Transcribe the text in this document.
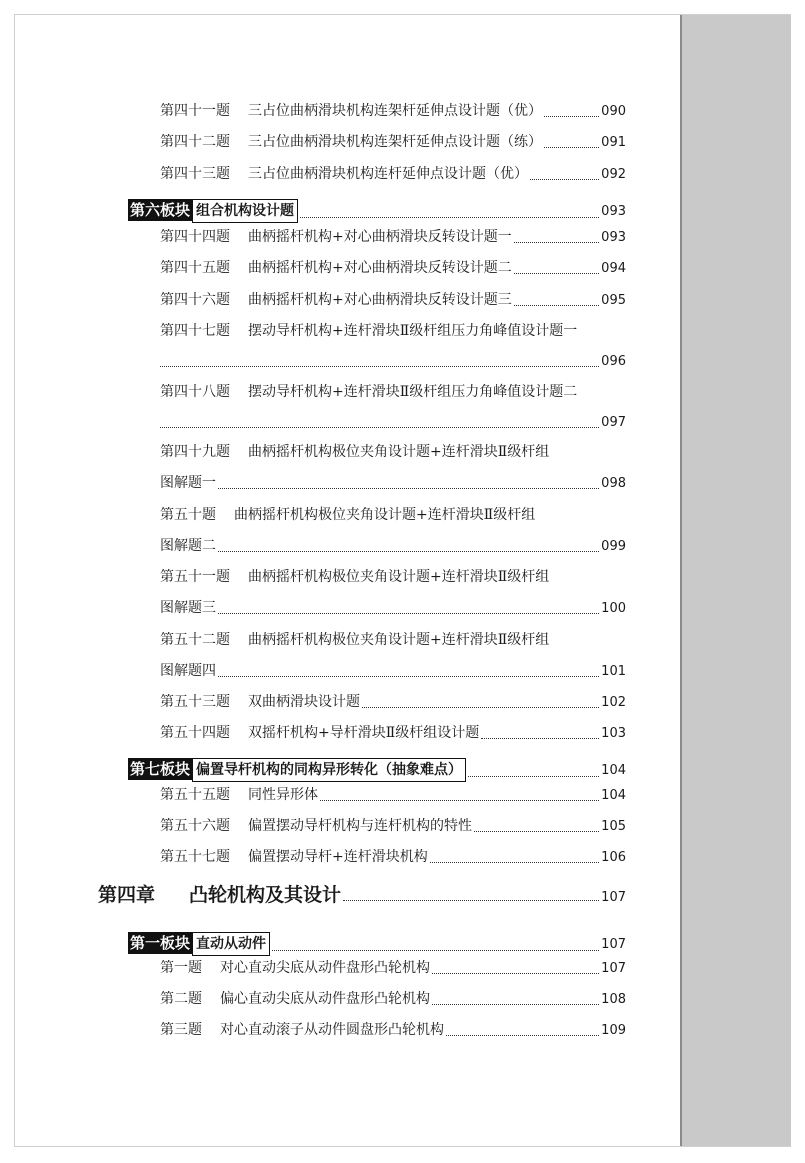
第四十一题 三占位曲柄滑块机构连架杆延伸点设计题（优）	090
第四十二题 三占位曲柄滑块机构连架杆延伸点设计题（练）	091
第四十三题 三占位曲柄滑块机构连杆延伸点设计题（优）	092
第六板块 组合机构设计题	093
第四十四题 曲柄摇杆机构+对心曲柄滑块反转设计题一	093
第四十五题 曲柄摇杆机构+对心曲柄滑块反转设计题二	094
第四十六题 曲柄摇杆机构+对心曲柄滑块反转设计题三	095
第四十七题 摆动导杆机构+连杆滑块Ⅱ级杆组压力角峰值设计题一
096
第四十八题 摆动导杆机构+连杆滑块Ⅱ级杆组压力角峰值设计题二
097
第四十九题 曲柄摇杆机构极位夹角设计题+连杆滑块Ⅱ级杆组
图解题一	098
第五十题 曲柄摇杆机构极位夹角设计题+连杆滑块Ⅱ级杆组
图解题二	099
第五十一题 曲柄摇杆机构极位夹角设计题+连杆滑块Ⅱ级杆组
图解题三	100
第五十二题 曲柄摇杆机构极位夹角设计题+连杆滑块Ⅱ级杆组
图解题四	101
第五十三题 双曲柄滑块设计题	102
第五十四题 双摇杆机构+导杆滑块Ⅱ级杆组设计题	103
第七板块 偏置导杆机构的同构异形转化（抽象难点）	104
第五十五题 同性异形体	104
第五十六题 偏置摆动导杆机构与连杆机构的特性	105
第五十七题 偏置摆动导杆+连杆滑块机构	106
第四章 凸轮机构及其设计	107
第一板块 直动从动件	107
第一题 对心直动尖底从动件盘形凸轮机构	107
第二题 偏心直动尖底从动件盘形凸轮机构	108
第三题 对心直动滚子从动件圆盘形凸轮机构	109
